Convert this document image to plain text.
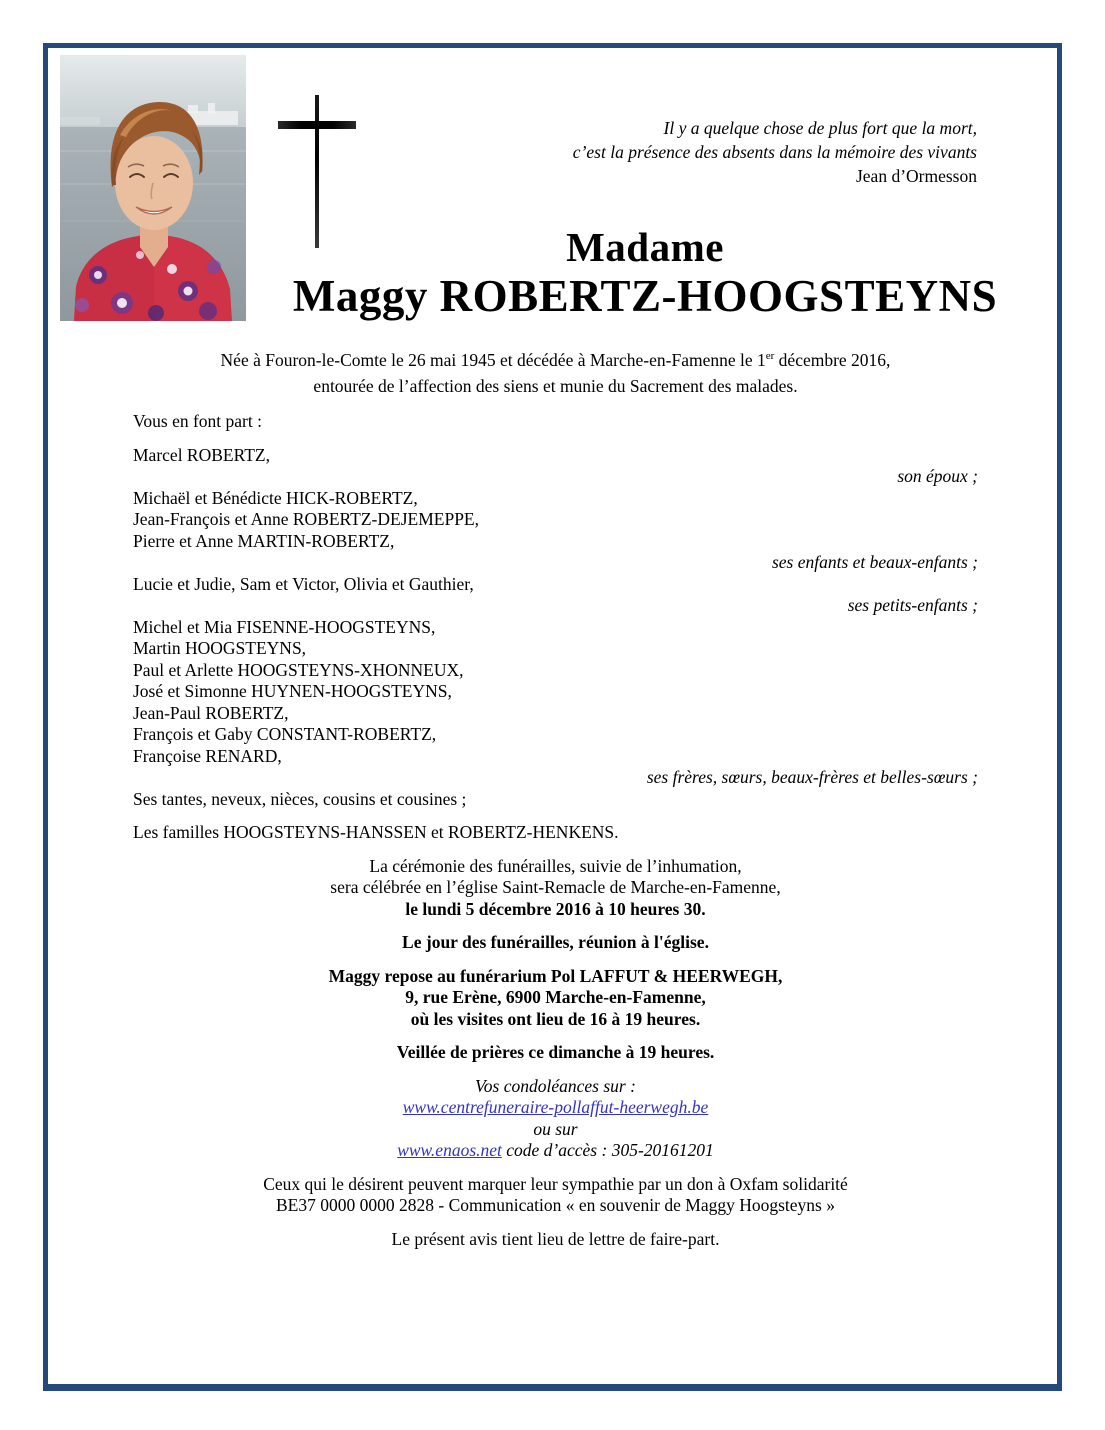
Il y a quelque chose de plus fort que la mort,
c’est la présence des absents dans la mémoire des vivants
Jean d’Ormesson
Madame
Maggy ROBERTZ-HOOGSTEYNS
Née à Fouron-le-Comte le 26 mai 1945 et décédée à Marche-en-Famenne le 1er décembre 2016,
entourée de l’affection des siens et munie du Sacrement des malades.
Vous en font part :
Marcel ROBERTZ,
son époux ;
Michaël et Bénédicte HICK-ROBERTZ,
Jean-François et Anne ROBERTZ-DEJEMEPPE,
Pierre et Anne MARTIN-ROBERTZ,
ses enfants et beaux-enfants ;
Lucie et Judie, Sam et Victor, Olivia et Gauthier,
ses petits-enfants ;
Michel et Mia FISENNE-HOOGSTEYNS,
Martin HOOGSTEYNS,
Paul et Arlette HOOGSTEYNS-XHONNEUX,
José et Simonne HUYNEN-HOOGSTEYNS,
Jean-Paul ROBERTZ,
François et Gaby CONSTANT-ROBERTZ,
Françoise RENARD,
ses frères, sœurs, beaux-frères et belles-sœurs ;
Ses tantes, neveux, nièces, cousins et cousines ;
Les familles HOOGSTEYNS-HANSSEN et ROBERTZ-HENKENS.
La cérémonie des funérailles, suivie de l’inhumation,
sera célébrée en l’église Saint-Remacle de Marche-en-Famenne,
le lundi 5 décembre 2016 à 10 heures 30.
Le jour des funérailles, réunion à l'église.
Maggy repose au funérarium Pol LAFFUT & HEERWEGH,
9, rue Erène, 6900 Marche-en-Famenne,
où les visites ont lieu de 16 à 19 heures.
Veillée de prières ce dimanche à 19 heures.
Vos condoléances sur :
www.centrefuneraire-pollaffut-heerwegh.be
ou sur
www.enaos.net code d’accès : 305-20161201
Ceux qui le désirent peuvent marquer leur sympathie par un don à Oxfam solidarité
BE37 0000 0000 2828 - Communication « en souvenir de Maggy Hoogsteyns »
Le présent avis tient lieu de lettre de faire-part.
